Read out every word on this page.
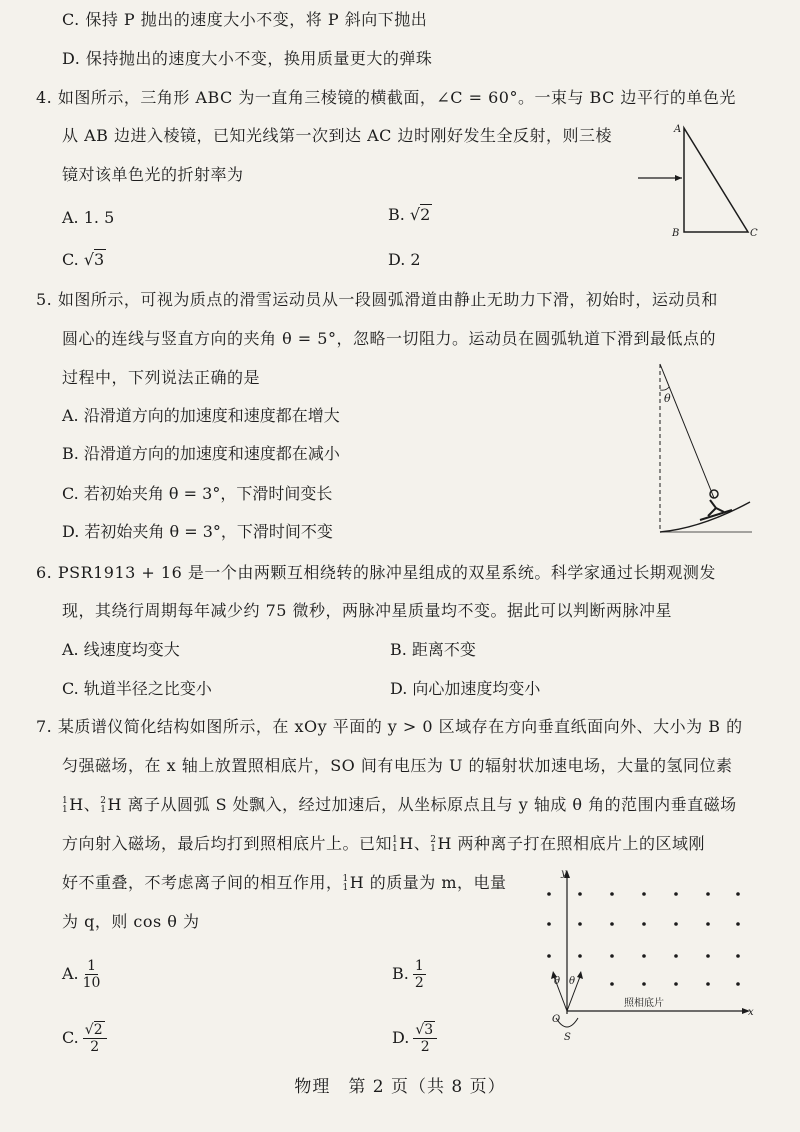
C. 保持 P 抛出的速度大小不变，将 P 斜向下抛出
D. 保持抛出的速度大小不变，换用质量更大的弹珠
4. 如图所示，三角形 ABC 为一直角三棱镜的横截面，∠C = 60°。一束与 BC 边平行的单色光
从 AB 边进入棱镜，已知光线第一次到达 AC 边时刚好发生全反射，则三棱
镜对该单色光的折射率为
A. 1. 5	B. √2
C. √3	D. 2
A
B	C
5. 如图所示，可视为质点的滑雪运动员从一段圆弧滑道由静止无助力下滑，初始时，运动员和
圆心的连线与竖直方向的夹角 θ = 5°，忽略一切阻力。运动员在圆弧轨道下滑到最低点的
过程中，下列说法正确的是
A. 沿滑道方向的加速度和速度都在增大
B. 沿滑道方向的加速度和速度都在减小
C. 若初始夹角 θ = 3°，下滑时间变长
D. 若初始夹角 θ = 3°，下滑时间不变
θ
6. PSR1913 + 16 是一个由两颗互相绕转的脉冲星组成的双星系统。科学家通过长期观测发
现，其绕行周期每年减少约 75 微秒，两脉冲星质量均不变。据此可以判断两脉冲星
A. 线速度均变大	B. 距离不变
C. 轨道半径之比变小	D. 向心加速度均变小
7. 某质谱仪简化结构如图所示，在 xOy 平面的 y > 0 区域存在方向垂直纸面向外、大小为 B 的
匀强磁场，在 x 轴上放置照相底片，SO 间有电压为 U 的辐射状加速电场，大量的氢同位素
1
1 H、 2
1 H 离子从圆弧 S 处飘入，经过加速后，从坐标原点且与 y 轴成 θ 角的范围内垂直磁场
方向射入磁场，最后均打到照相底片上。已知 1
1 H、 2
1 H 两种离子打在照相底片上的区域刚
好不重叠，不考虑离子间的相互作用， 1
1 H 的质量为 m，电量
为 q，则 cos θ 为
A. $\frac{1}{10}$	B. $\frac{1}{2}$
C. $\frac{√2}{2}$	D. $\frac{√3}{2}$
y
x
照相底片
θ θ
O
S
物理　第 2 页（共 8 页）
